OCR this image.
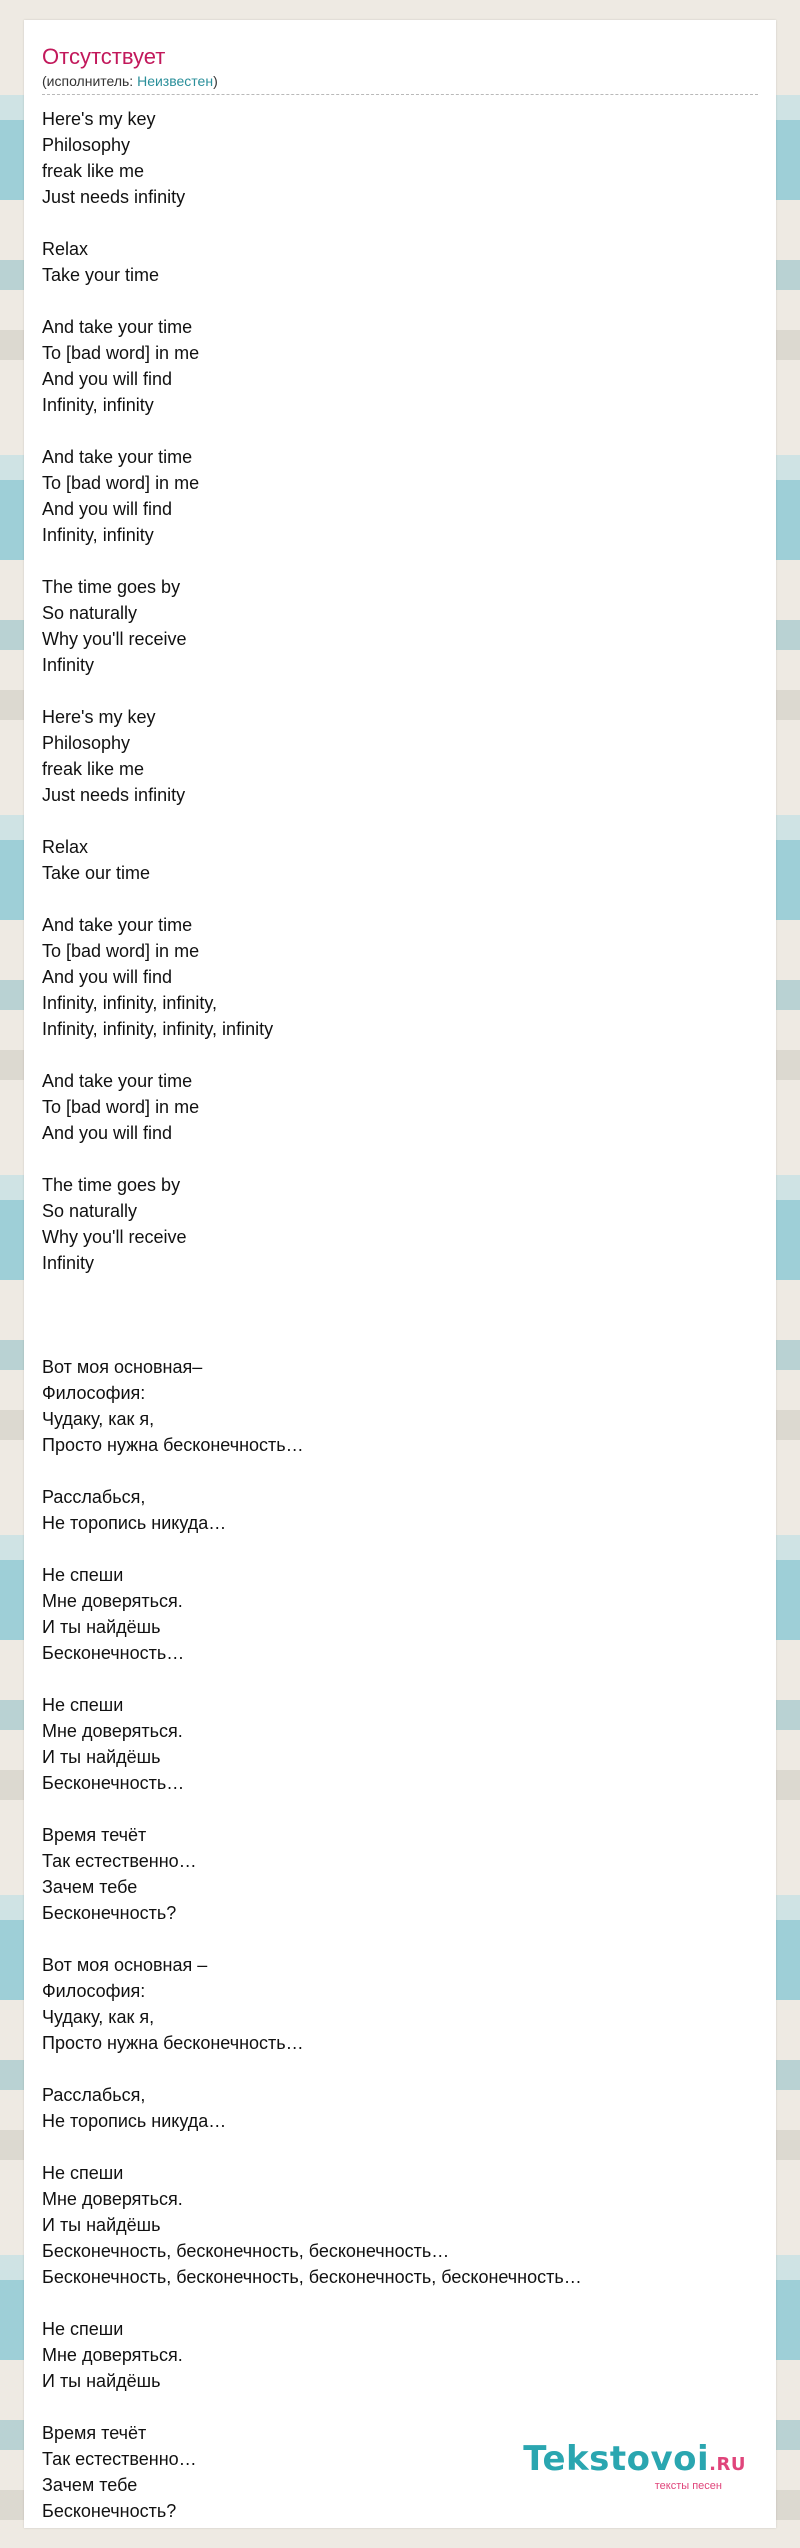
Отсутствует
(исполнитель: Неизвестен)
Here's my key
Philosophy
freak like me
Just needs infinity

Relax
Take your time

And take your time
To [bad word] in me
And you will find
Infinity, infinity

And take your time
To [bad word] in me
And you will find
Infinity, infinity

The time goes by
So naturally
Why you'll receive
Infinity

Here's my key
Philosophy
freak like me
Just needs infinity

Relax
Take our time

And take your time
To [bad word] in me
And you will find
Infinity, infinity, infinity,
Infinity, infinity, infinity, infinity

And take your time
To [bad word] in me
And you will find

The time goes by
So naturally
Why you'll receive
Infinity

Вот моя основная–
Философия:
Чудаку, как я,
Просто нужна бесконечность…

Расслабься,
Не торопись никуда…

Не спеши
Мне доверяться.
И ты найдёшь
Бесконечность…

Не спеши
Мне доверяться.
И ты найдёшь
Бесконечность…

Время течёт
Так естественно…
Зачем тебе
Бесконечность?

Вот моя основная –
Философия:
Чудаку, как я,
Просто нужна бесконечность…

Расслабься,
Не торопись никуда…

Не спеши
Мне доверяться.
И ты найдёшь
Бесконечность, бесконечность, бесконечность…
Бесконечность, бесконечность, бесконечность, бесконечность…

Не спеши
Мне доверяться.
И ты найдёшь

Время течёт
Так естественно…
Зачем тебе
Бесконечность?
Tekstovoi.RU
тексты песен
